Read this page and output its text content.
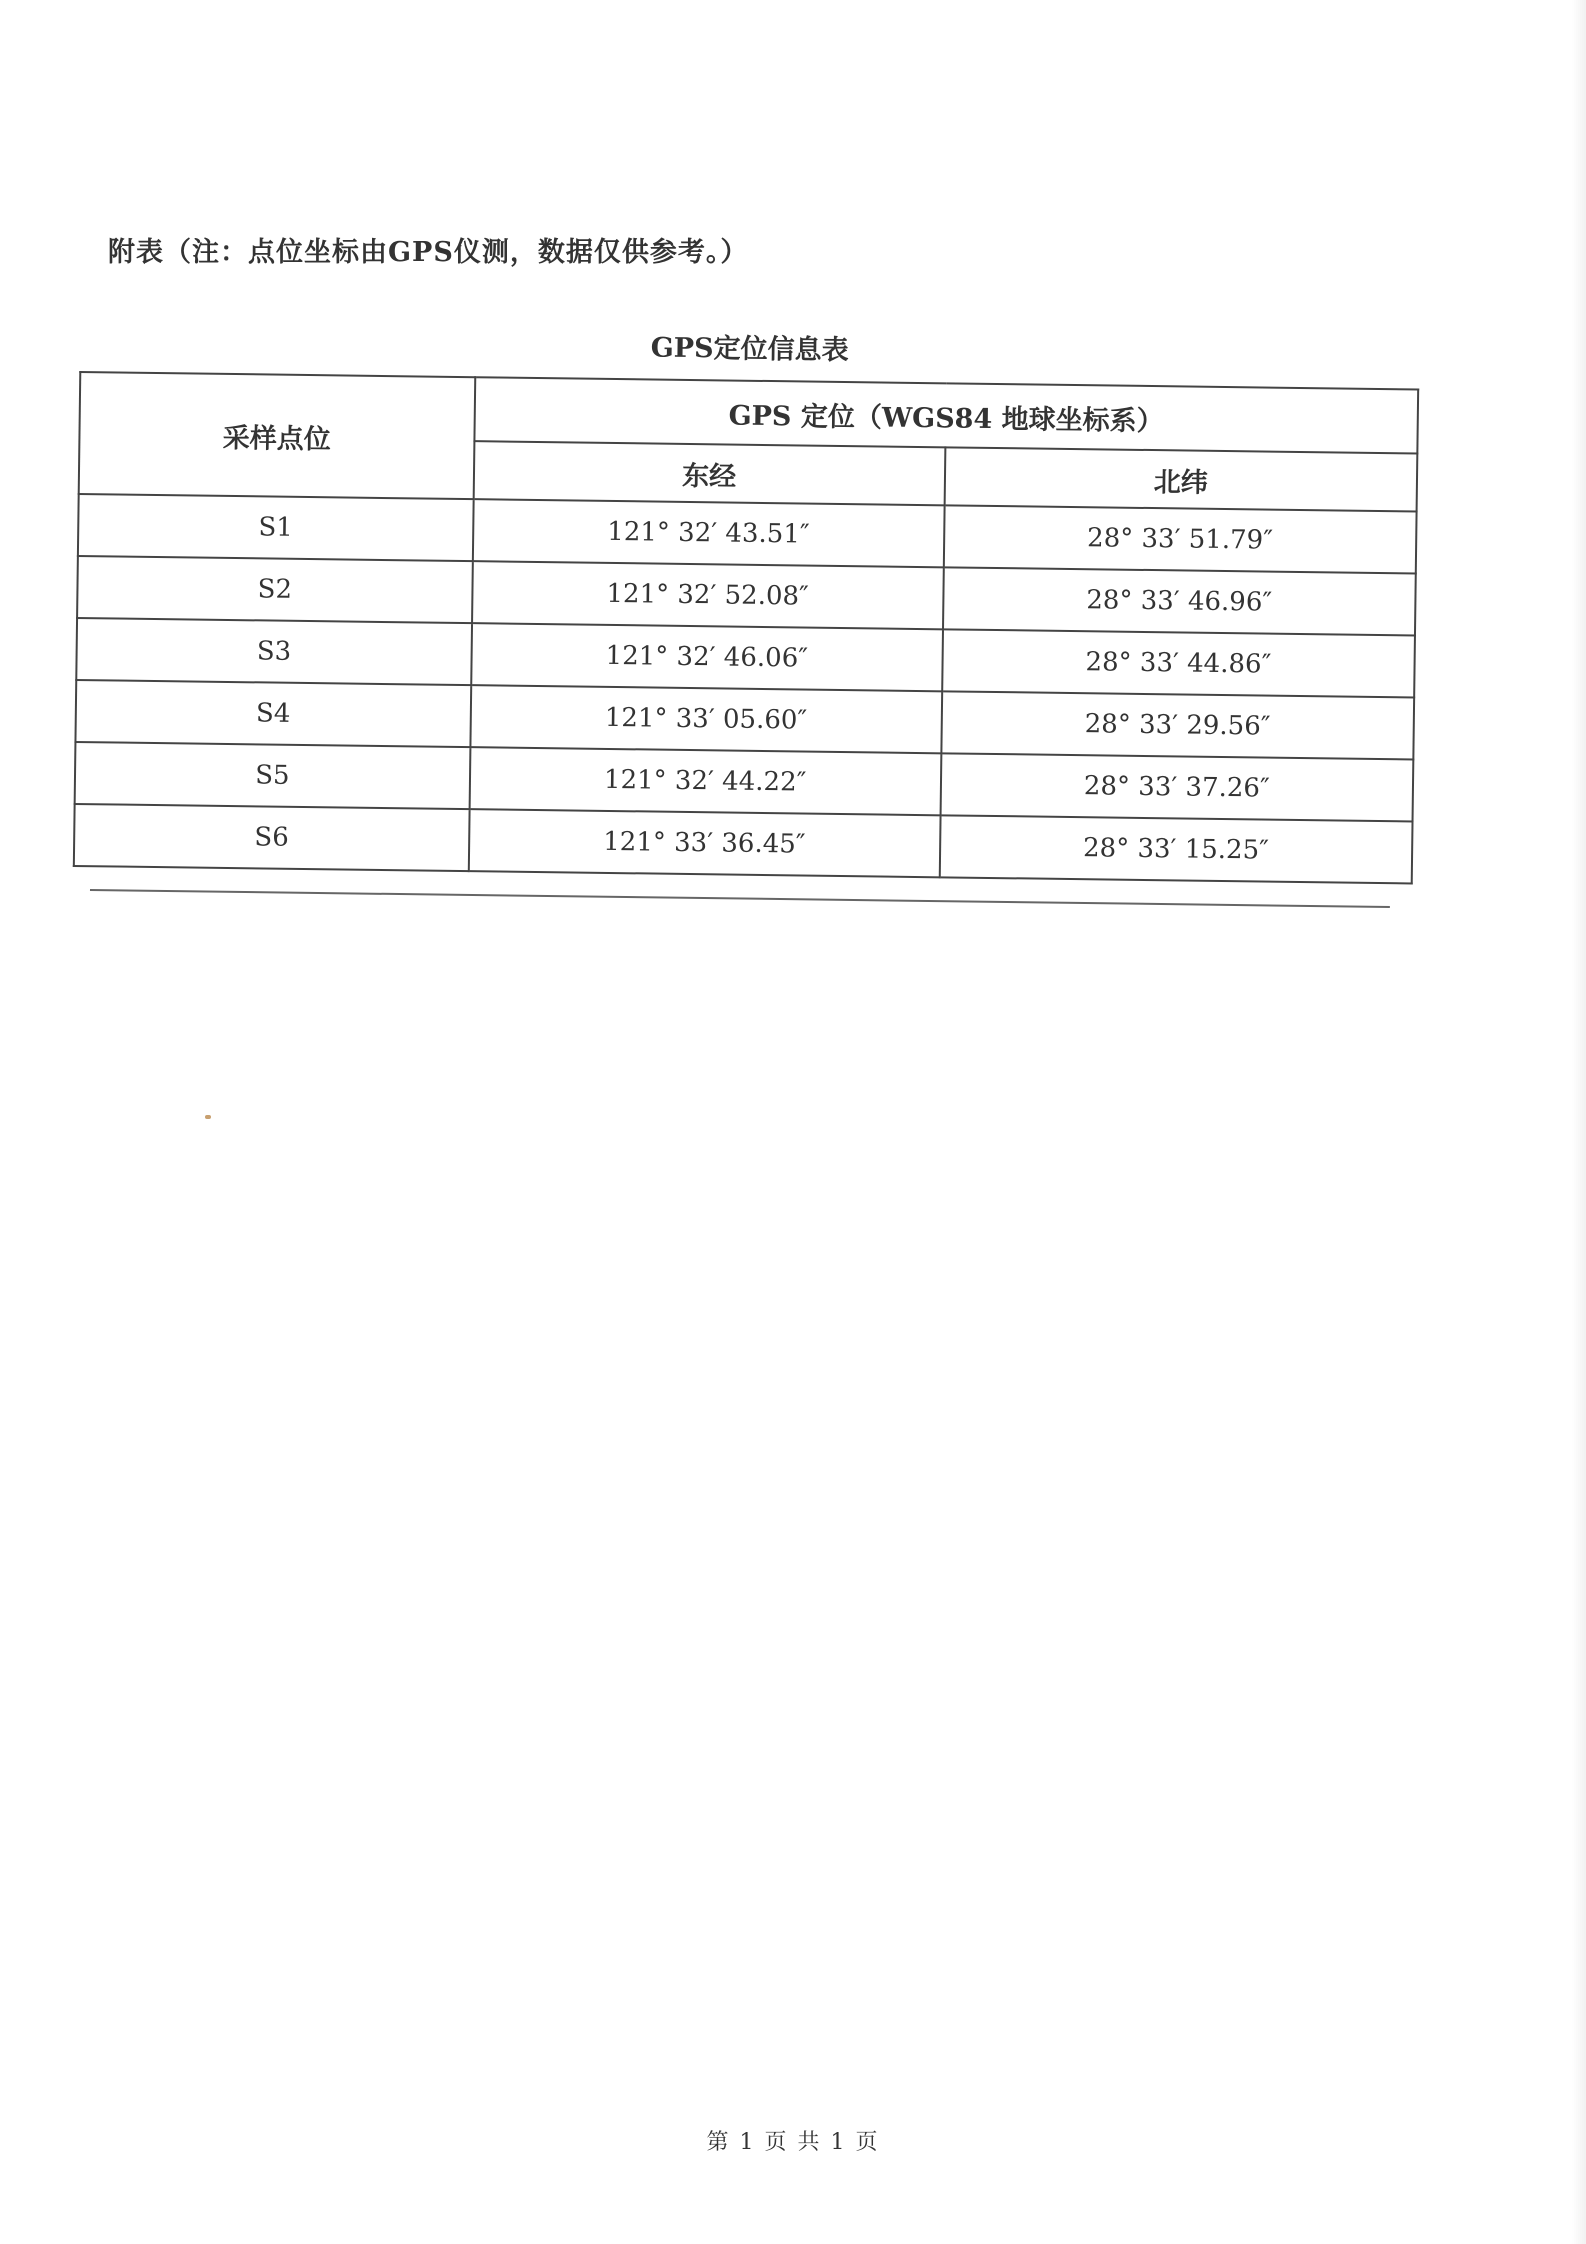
附表（注：点位坐标由GPS仪测，数据仅供参考。）
GPS定位信息表
采样点位	GPS 定位（WGS84 地球坐标系）	
	东经	北纬
S1	121° 32′ 43.51″	28° 33′ 51.79″
S2	121° 32′ 52.08″	28° 33′ 46.96″
S3	121° 32′ 46.06″	28° 33′ 44.86″
S4	121° 33′ 05.60″	28° 33′ 29.56″
S5	121° 32′ 44.22″	28° 33′ 37.26″
S6	121° 33′ 36.45″	28° 33′ 15.25″
第 1 页 共 1 页
